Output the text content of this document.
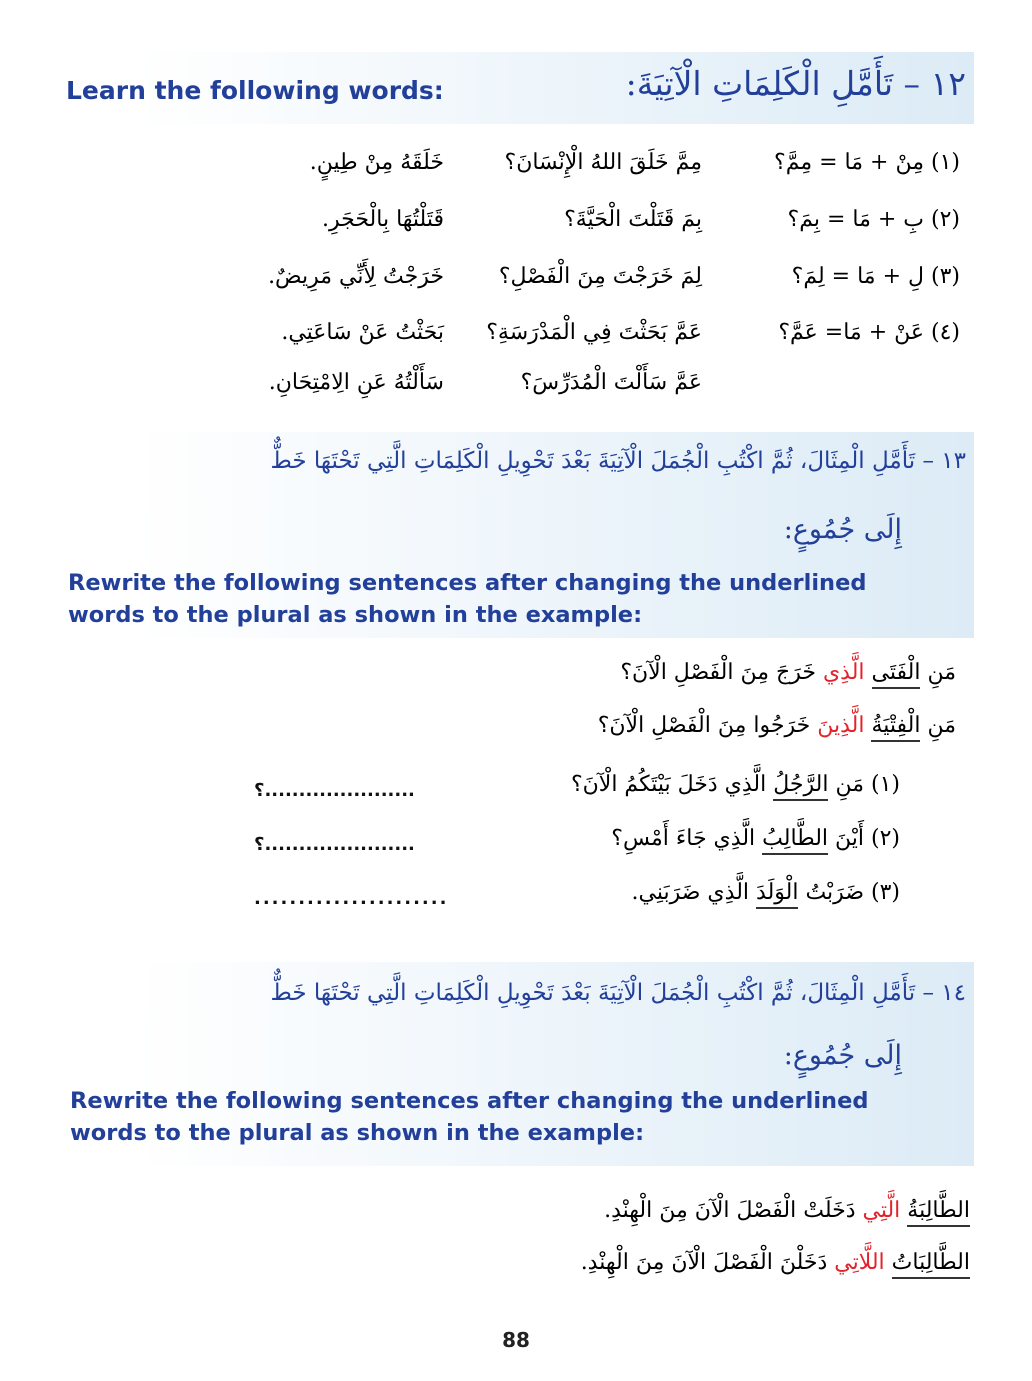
Learn the following words:	١٢ – تَأَمَّلِ الْكَلِمَاتِ الْآتِيَةَ:
(١) مِنْ + مَا = مِمَّ؟
(٢) بِ + مَا = بِمَ؟
(٣) لِ + مَا = لِمَ؟
(٤) عَنْ + مَا= عَمَّ؟
مِمَّ خَلَقَ اللهُ الْإِنْسَانَ؟
بِمَ قَتَلْتَ الْحَيَّةَ؟
لِمَ خَرَجْتَ مِنَ الْفَصْلِ؟
عَمَّ بَحَثْتَ فِي الْمَدْرَسَةِ؟
عَمَّ سَأَلْتَ الْمُدَرِّسَ؟
خَلَقَهُ مِنْ طِينٍ.
قَتَلْتُهَا بِالْحَجَرِ.
خَرَجْتُ لِأَنِّي مَرِيضٌ.
بَحَثْتُ عَنْ سَاعَتِي.
سَأَلْتُهُ عَنِ الِامْتِحَانِ.
١٣ – تَأَمَّلِ الْمِثَالَ، ثُمَّ اكْتُبِ الْجُمَلَ الْآتِيَةَ بَعْدَ تَحْوِيلِ الْكَلِمَاتِ الَّتِي تَحْتَهَا خَطٌّ
إِلَى جُمُوعٍ:
Rewrite the following sentences after changing the underlined
words to the plural as shown in the example:
مَنِ الْفَتَى الَّذِي خَرَجَ مِنَ الْفَصْلِ الْآنَ؟
مَنِ الْفِتْيَةُ الَّذِينَ خَرَجُوا مِنَ الْفَصْلِ الْآنَ؟
(١) مَنِ الرَّجُلُ الَّذِي دَخَلَ بَيْتَكُمُ الْآنَ؟
؟......................
(٢) أَيْنَ الطَّالِبُ الَّذِي جَاءَ أَمْسِ؟
؟......................
(٣) ضَرَبْتُ الْوَلَدَ الَّذِي ضَرَبَنِي.
......................
١٤ – تَأَمَّلِ الْمِثَالَ، ثُمَّ اكْتُبِ الْجُمَلَ الْآتِيَةَ بَعْدَ تَحْوِيلِ الْكَلِمَاتِ الَّتِي تَحْتَهَا خَطٌّ
إِلَى جُمُوعٍ:
Rewrite the following sentences after changing the underlined
words to the plural as shown in the example:
الطَّالِبَةُ الَّتِي دَخَلَتْ الْفَصْلَ الْآنَ مِنَ الْهِنْدِ.
الطَّالِبَاتُ اللَّاتِي دَخَلْنَ الْفَصْلَ الْآنَ مِنَ الْهِنْدِ.
88
